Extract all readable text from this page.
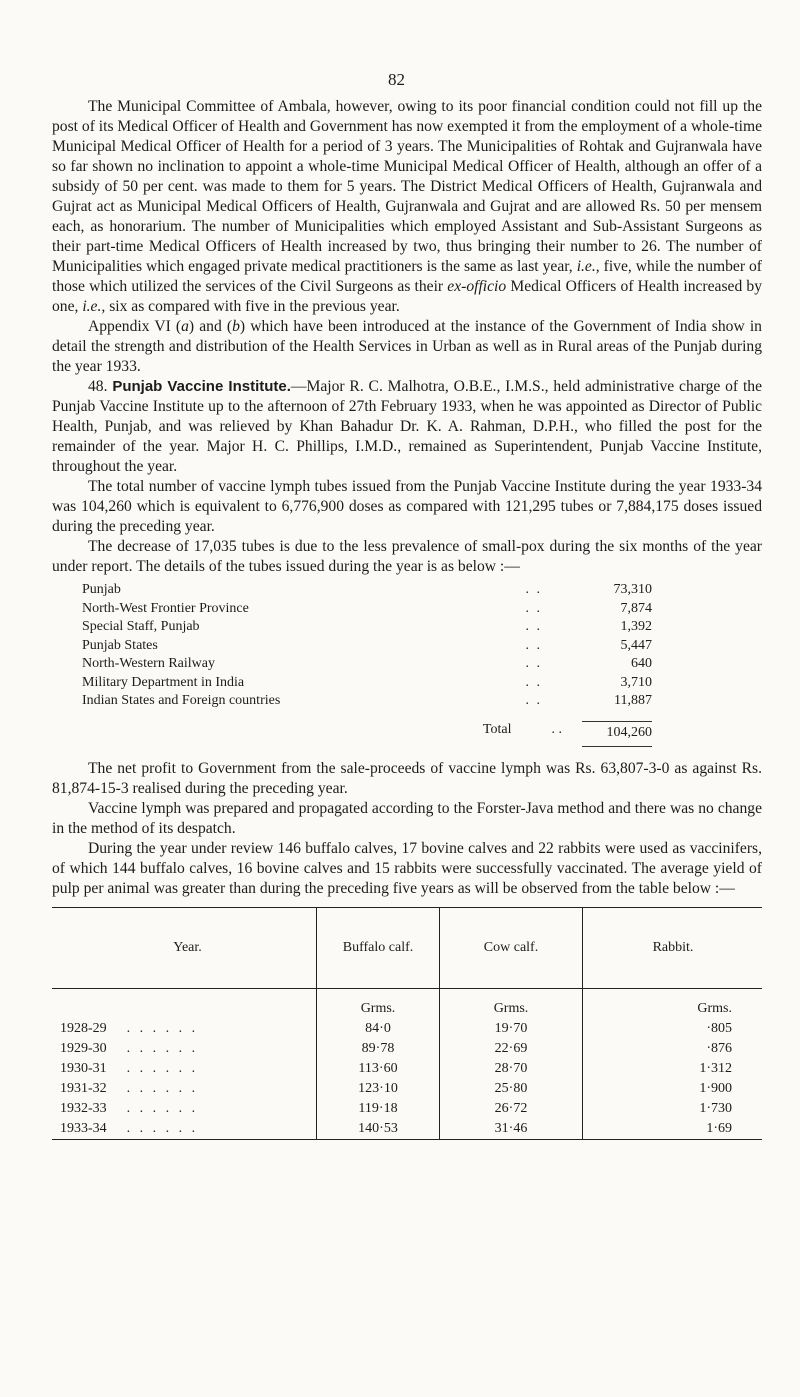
82

The Municipal Committee of Ambala, however, owing to its poor financial condition could not fill up the post of its Medical Officer of Health and Government has now exempted it from the employment of a whole-time Municipal Medical Officer of Health for a period of 3 years. The Municipalities of Rohtak and Gujranwala have so far shown no inclination to appoint a whole-time Municipal Medical Officer of Health, although an offer of a subsidy of 50 per cent. was made to them for 5 years. The District Medical Officers of Health, Gujranwala and Gujrat act as Municipal Medical Officers of Health, Gujranwala and Gujrat and are allowed Rs. 50 per mensem each, as honorarium. The number of Municipalities which employed Assistant and Sub-Assistant Surgeons as their part-time Medical Officers of Health increased by two, thus bringing their number to 26. The number of Municipalities which engaged private medical practitioners is the same as last year, i.e., five, while the number of those which utilized the services of the Civil Surgeons as their ex-officio Medical Officers of Health increased by one, i.e., six as compared with five in the previous year.

Appendix VI (a) and (b) which have been introduced at the instance of the Government of India show in detail the strength and distribution of the Health Services in Urban as well as in Rural areas of the Punjab during the year 1933.

48. Punjab Vaccine Institute.—Major R. C. Malhotra, O.B.E., I.M.S., held administrative charge of the Punjab Vaccine Institute up to the afternoon of 27th February 1933, when he was appointed as Director of Public Health, Punjab, and was relieved by Khan Bahadur Dr. K. A. Rahman, D.P.H., who filled the post for the remainder of the year. Major H. C. Phillips, I.M.D., remained as Superintendent, Punjab Vaccine Institute, throughout the year.

The total number of vaccine lymph tubes issued from the Punjab Vaccine Institute during the year 1933-34 was 104,260 which is equivalent to 6,776,900 doses as compared with 121,295 tubes or 7,884,175 doses issued during the preceding year.

The decrease of 17,035 tubes is due to the less prevalence of small-pox during the six months of the year under report. The details of the tubes issued during the year is as below :—

Punjab	. .	73,310
North-West Frontier Province	. .	7,874
Special Staff, Punjab	. .	1,392
Punjab States	. .	5,447
North-Western Railway	. .	640
Military Department in India	. .	3,710
Indian States and Foreign countries	. .	11,887
Total	. .	104,260

The net profit to Government from the sale-proceeds of vaccine lymph was Rs. 63,807-3-0 as against Rs. 81,874-15-3 realised during the preceding year.

Vaccine lymph was prepared and propagated according to the Forster-Java method and there was no change in the method of its despatch.

During the year under review 146 buffalo calves, 17 bovine calves and 22 rabbits were used as vaccinifers, of which 144 buffalo calves, 16 bovine calves and 15 rabbits were successfully vaccinated. The average yield of pulp per animal was greater than during the preceding five years as will be observed from the table below :—

Year.	Buffalo calf.	Cow calf.	Rabbit.
	Grms.	Grms.	Grms.
1928-29 . . . . . .	84·0	19·70	·805
1929-30 . . . . . .	89·78	22·69	·876
1930-31 . . . . . .	113·60	28·70	1·312
1931-32 . . . . . .	123·10	25·80	1·900
1932-33 . . . . . .	119·18	26·72	1·730
1933-34 . . . . . .	140·53	31·46	1·69
